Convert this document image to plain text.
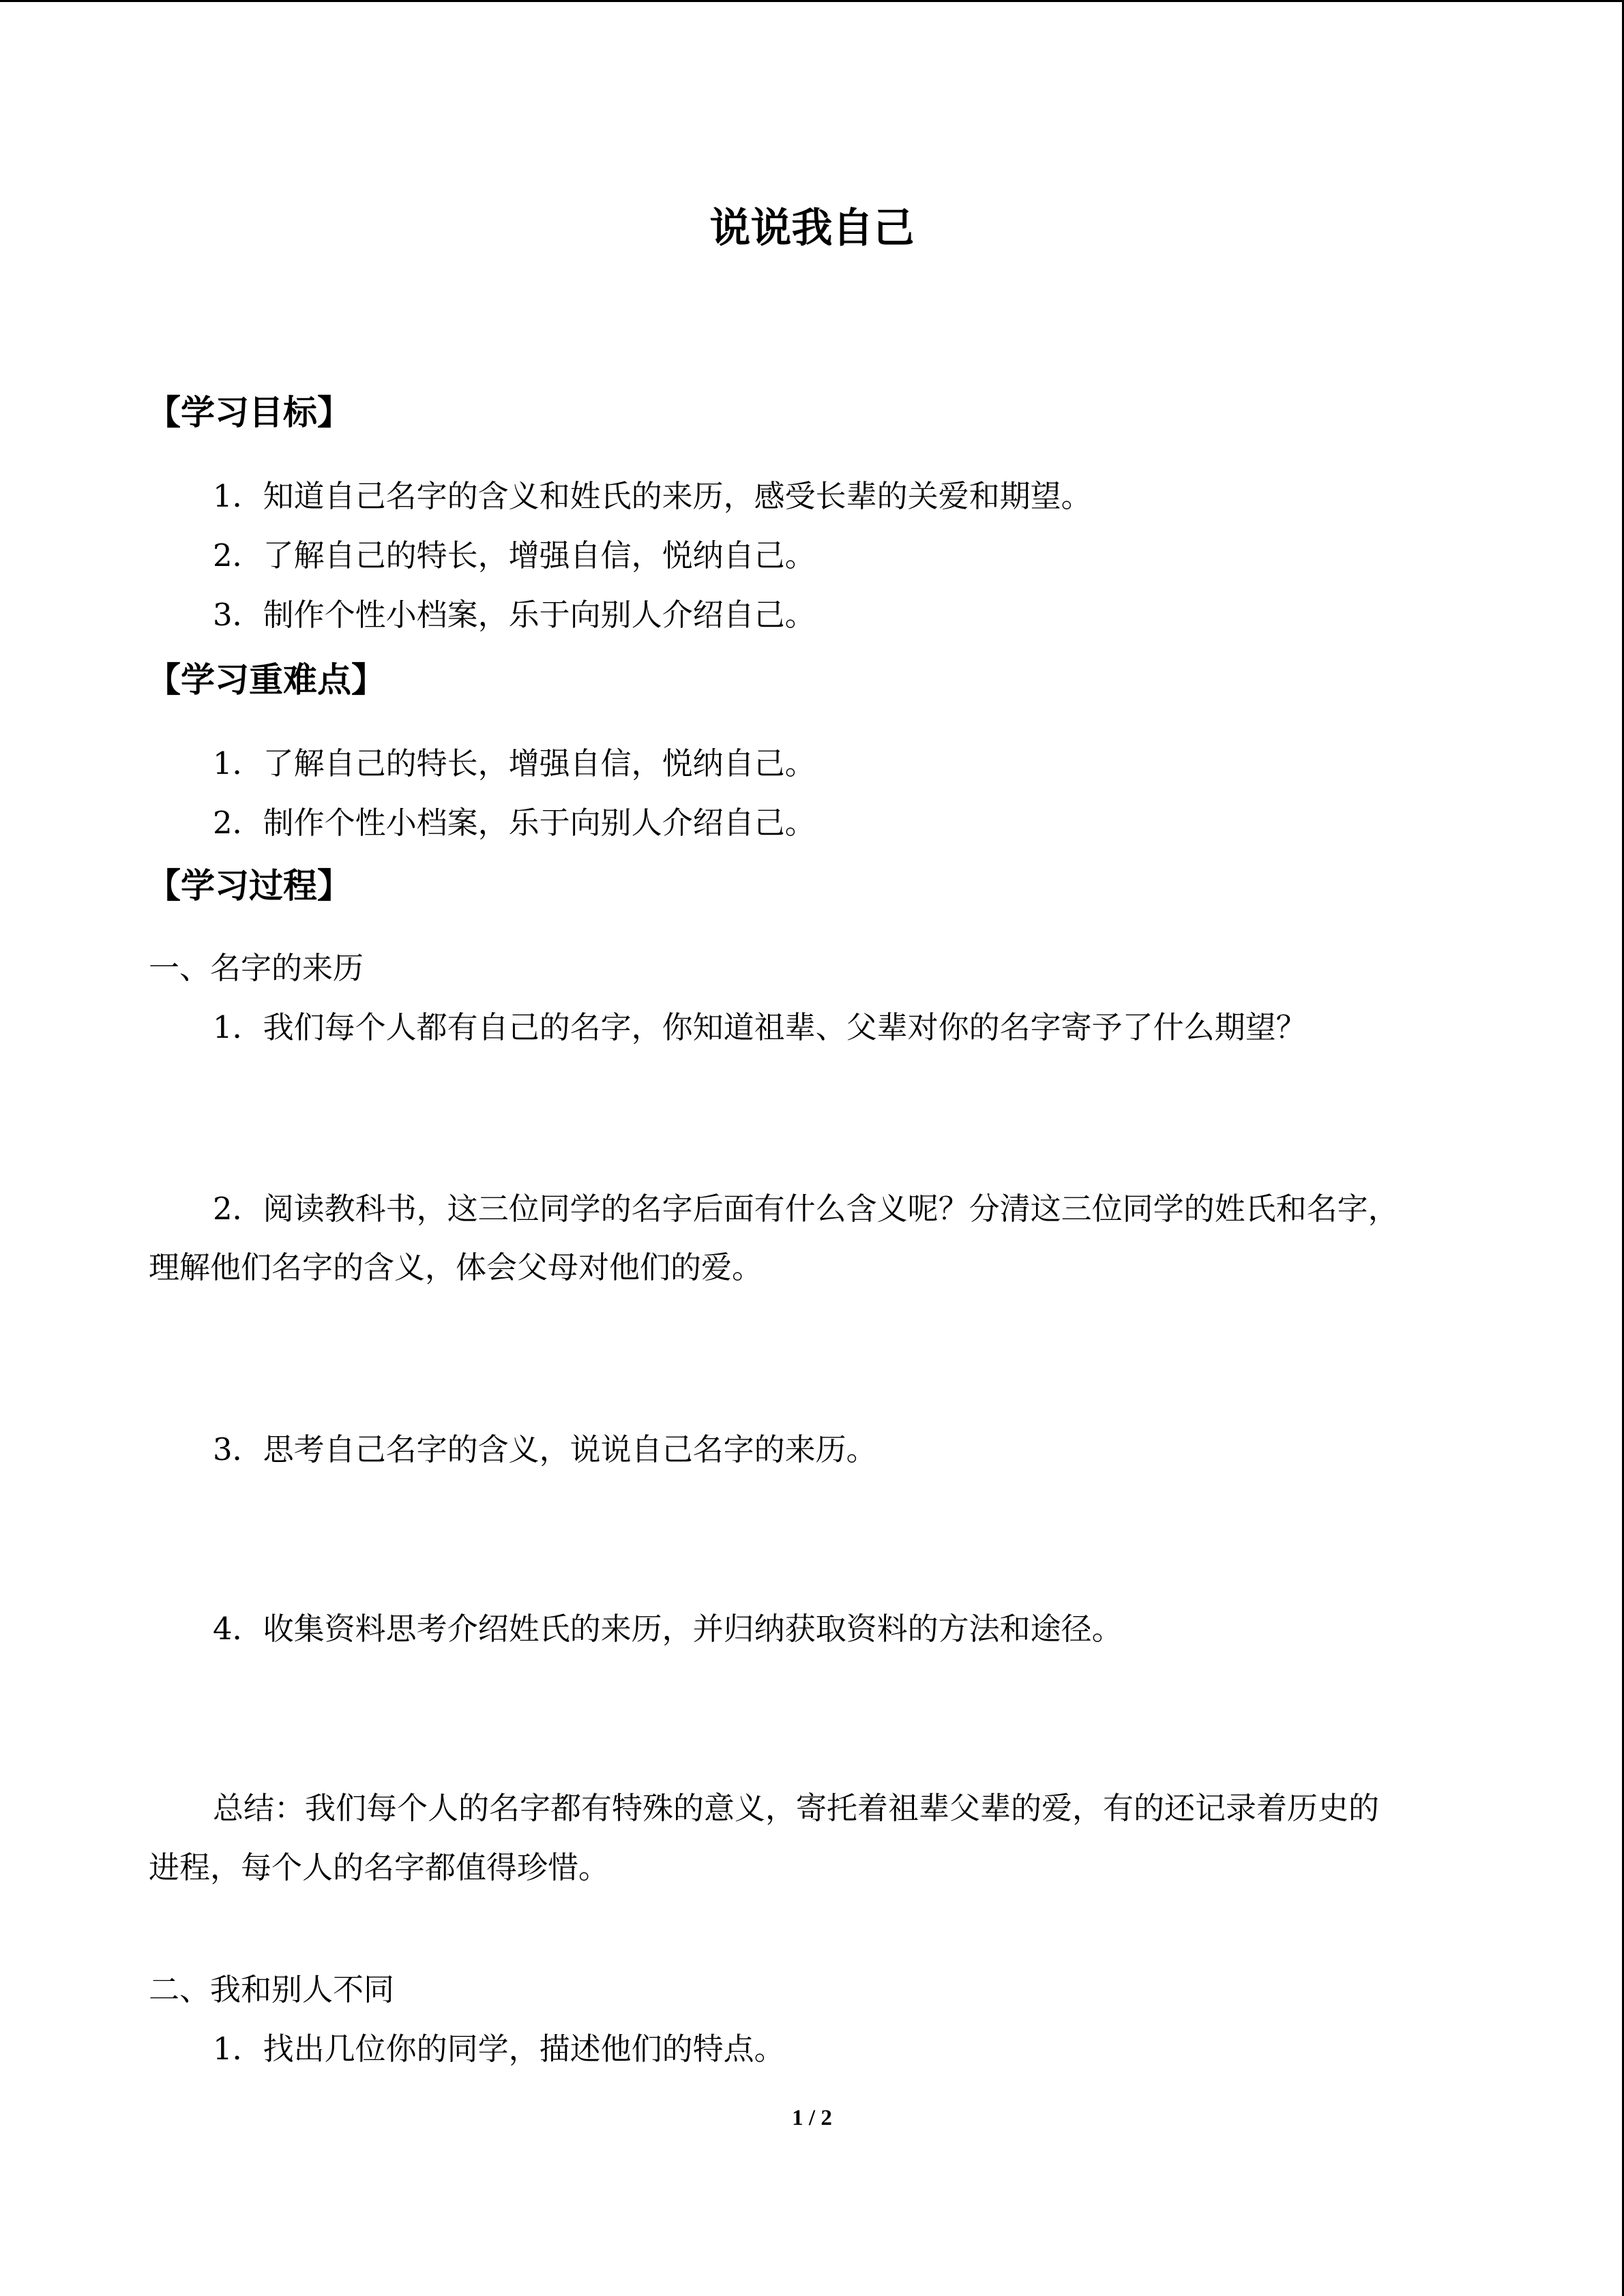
说说我自己
【学习目标】
1．知道自己名字的含义和姓氏的来历，感受长辈的关爱和期望。
2．了解自己的特长，增强自信，悦纳自己。
3．制作个性小档案，乐于向别人介绍自己。
【学习重难点】
1．了解自己的特长，增强自信，悦纳自己。
2．制作个性小档案，乐于向别人介绍自己。
【学习过程】
一、名字的来历
1．我们每个人都有自己的名字，你知道祖辈、父辈对你的名字寄予了什么期望？
2．阅读教科书，这三位同学的名字后面有什么含义呢？分清这三位同学的姓氏和名字，
理解他们名字的含义，体会父母对他们的爱。
3．思考自己名字的含义，说说自己名字的来历。
4．收集资料思考介绍姓氏的来历，并归纳获取资料的方法和途径。
总结：我们每个人的名字都有特殊的意义，寄托着祖辈父辈的爱，有的还记录着历史的
进程，每个人的名字都值得珍惜。
二、我和别人不同
1．找出几位你的同学，描述他们的特点。
1 / 2
